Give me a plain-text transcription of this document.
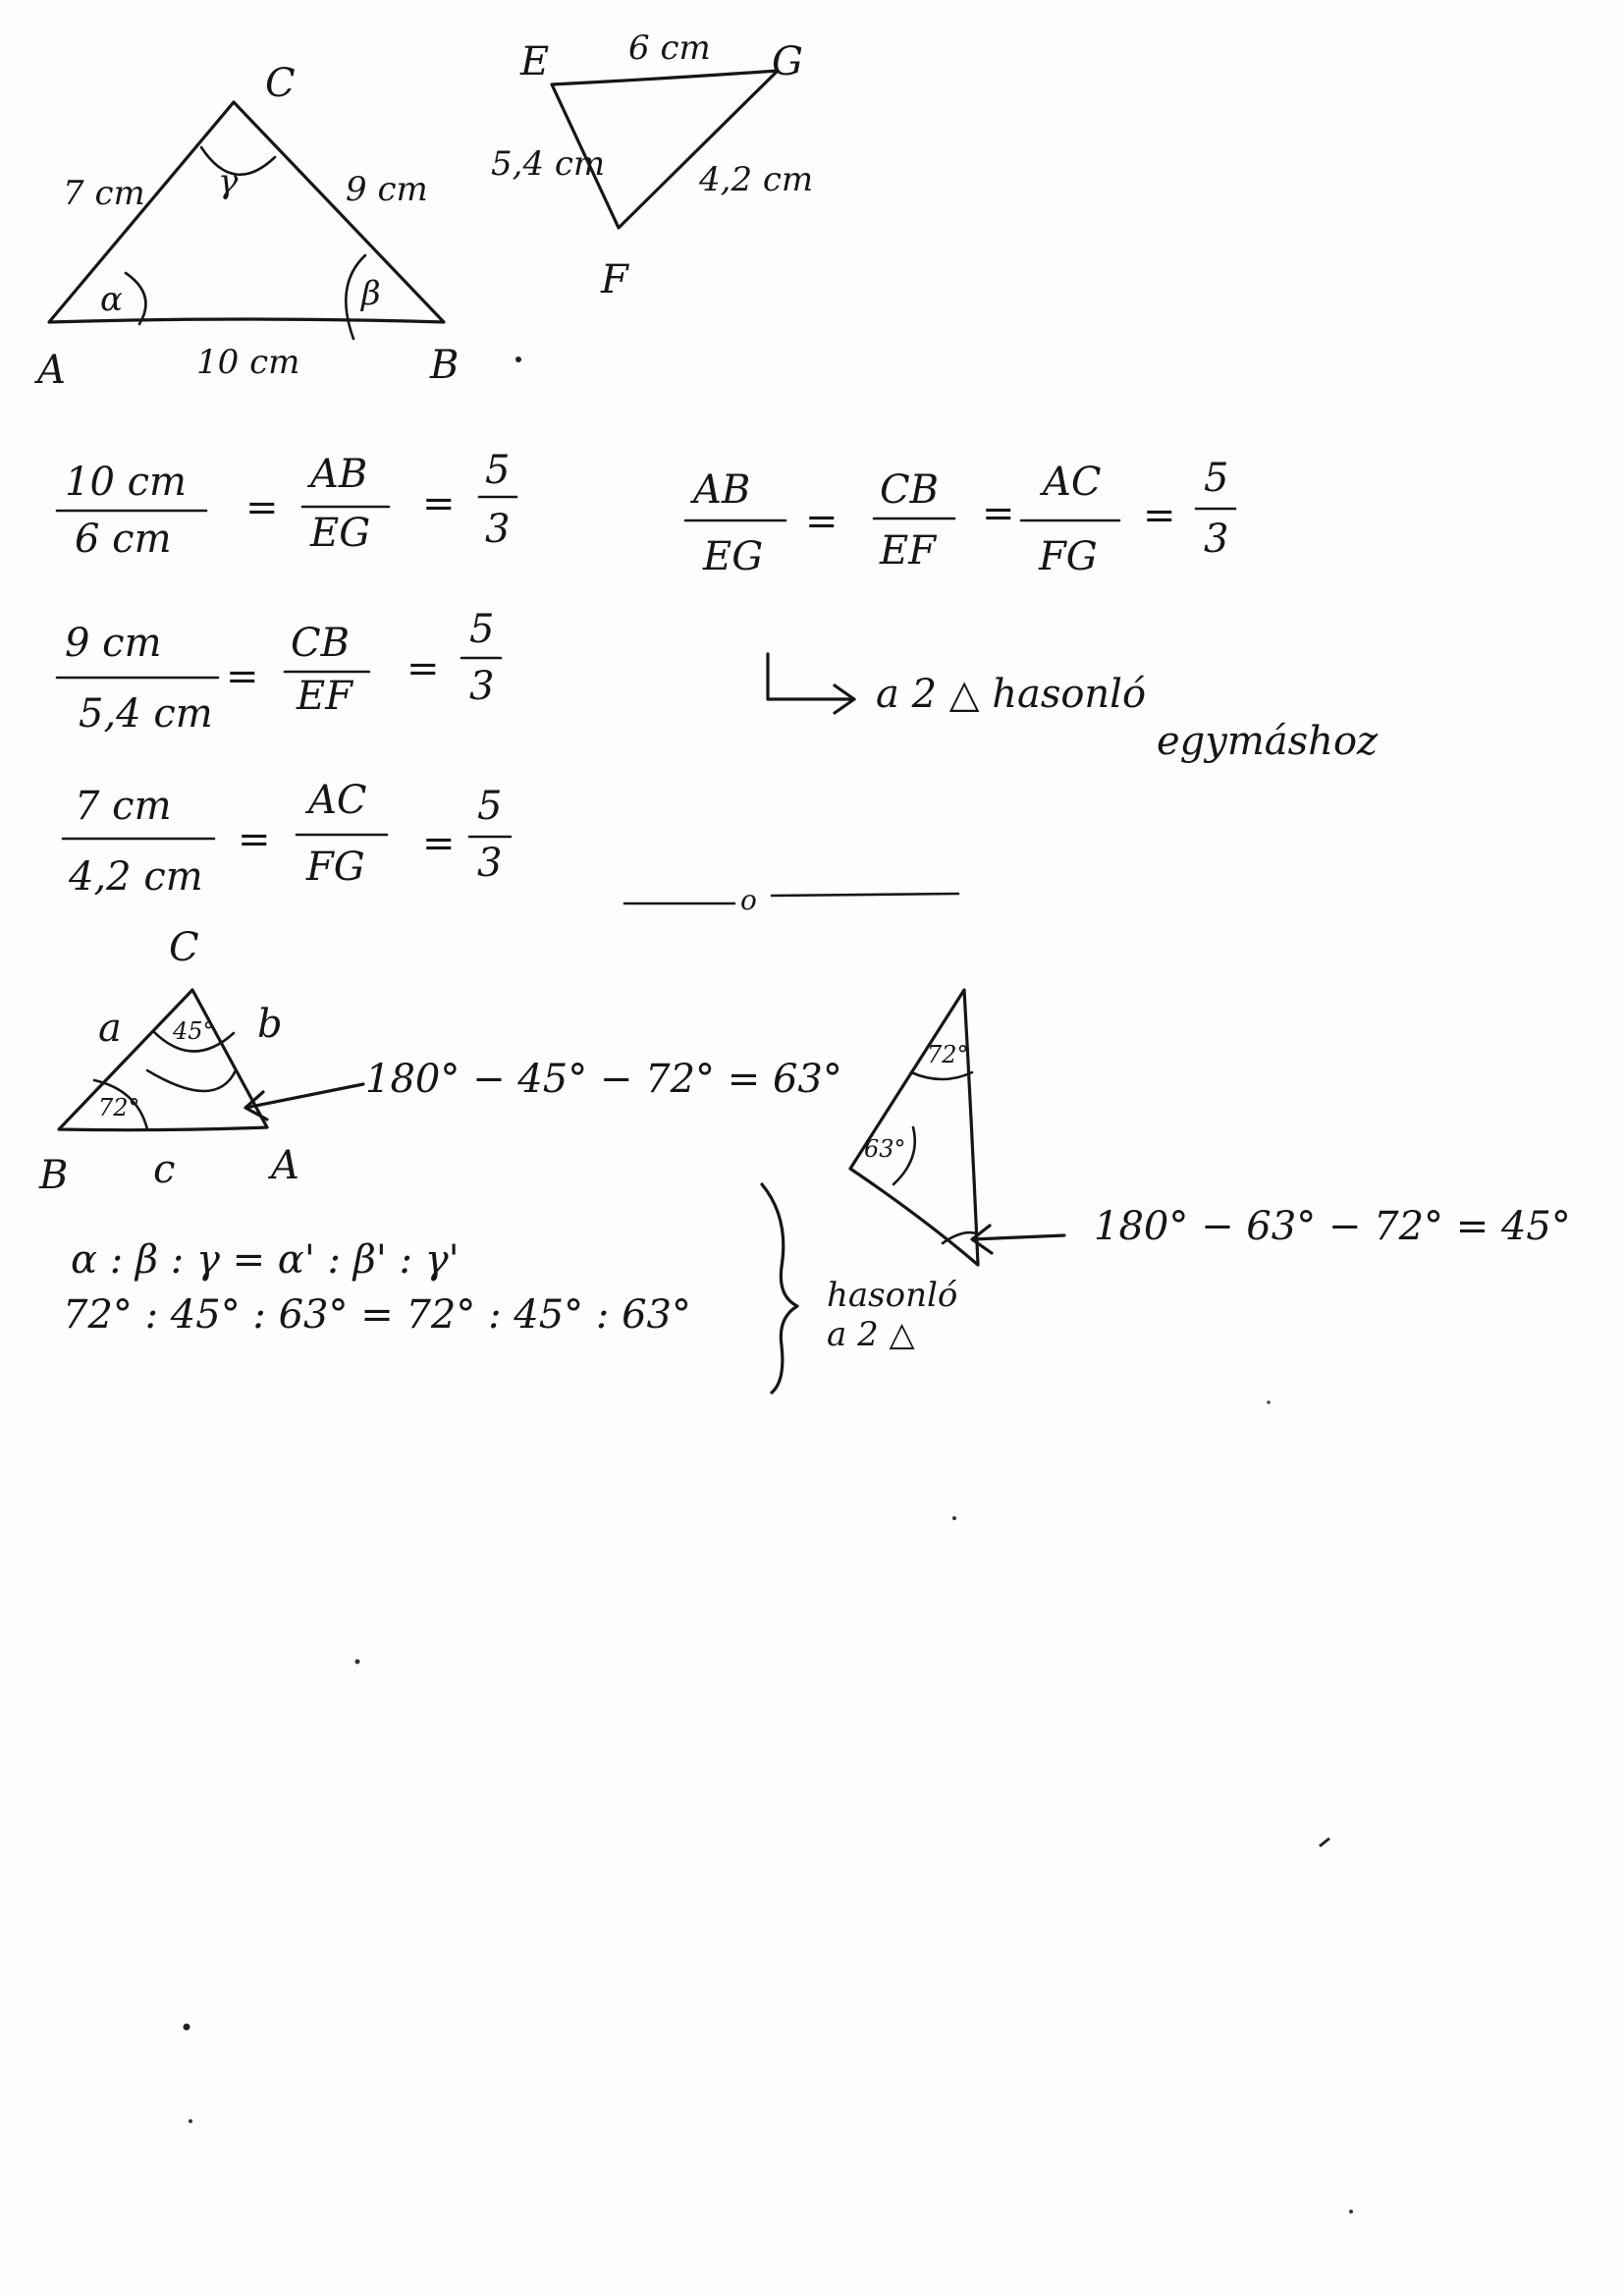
C
A	B
7 cm	9 cm
10 cm
γ
α	β
E	G
F
6 cm
5,4 cm	4,2 cm
10 cm
6 cm
=
AB
EG
=
5
3
9 cm
5,4 cm
=
CB
EF
=
5
3
7 cm
4,2 cm
=
AC
FG
=
5
3
AB
EG
=
CB
EF
=
AC
FG
=
5
3
a 2 △ hasonló
egymáshoz
o
C
B	A
a	b
c
45°
72°
180° − 45° − 72° = 63°
72°
63°
180° − 63° − 72° = 45°
α : β : γ = α' : β' : γ'
72° : 45° : 63° = 72° : 45° : 63°	hasonló
a 2 △
